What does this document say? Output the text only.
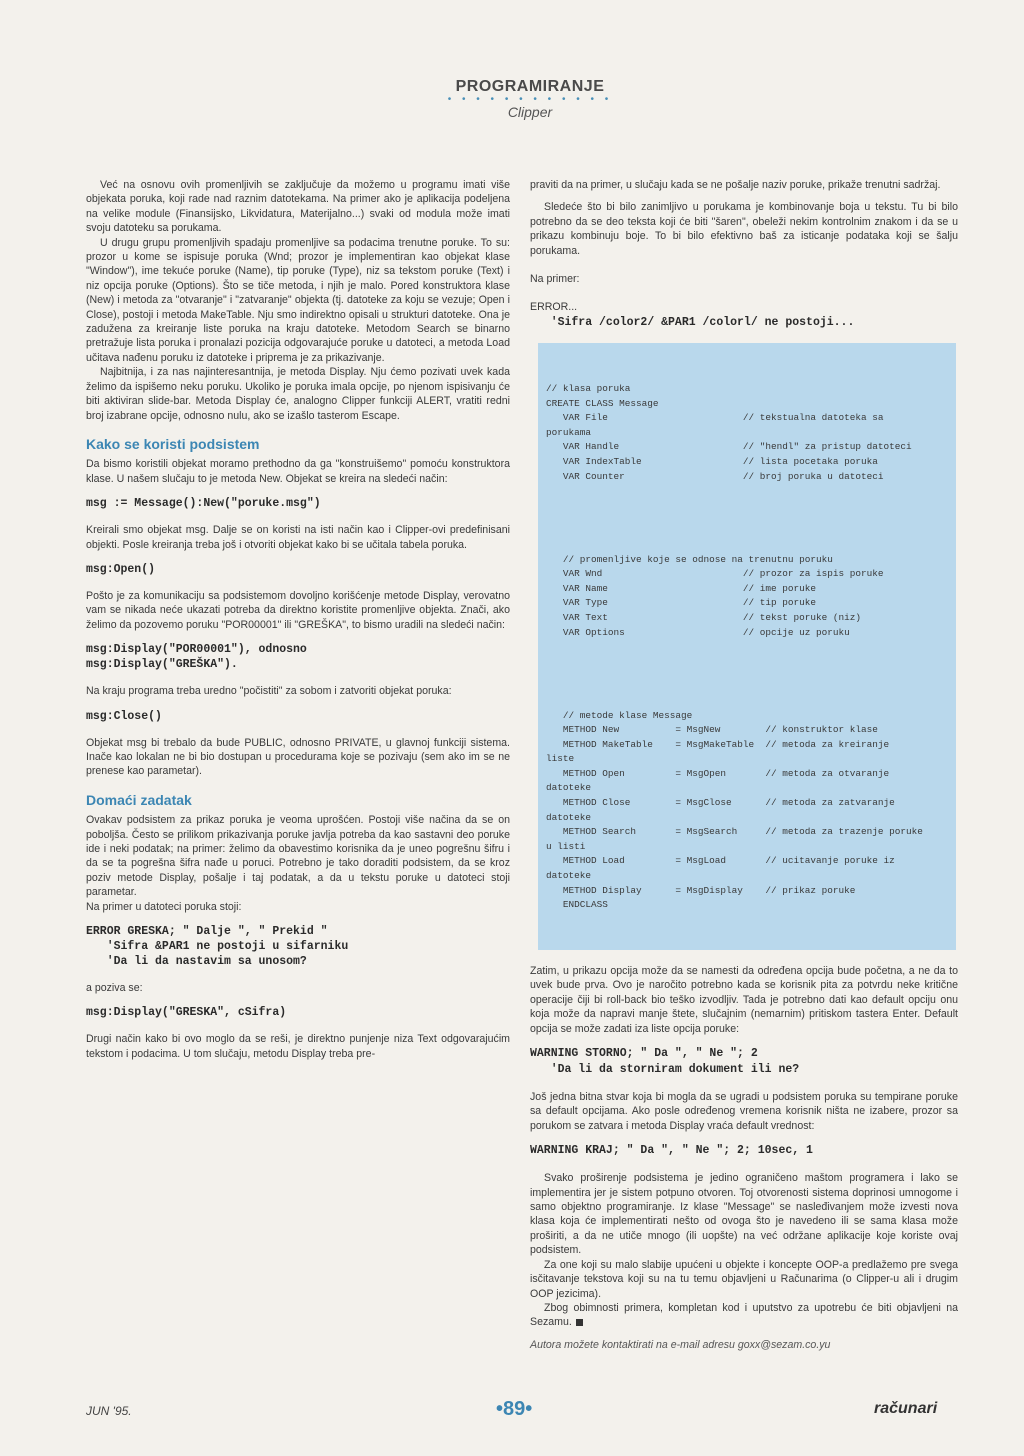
PROGRAMIRANJE
• • • • • • • • • • • •
Clipper

Već na osnovu ovih promenljivih se zaključuje da možemo u programu imati više objekata poruka, koji rade nad raznim datotekama. Na primer ako je aplikacija podeljena na velike module (Finansijsko, Likvidatura, Materijalno...) svaki od modula može imati svoju datoteku sa porukama.

U drugu grupu promenljivih spadaju promenljive sa podacima trenutne poruke. To su: prozor u kome se ispisuje poruka (Wnd; prozor je implementiran kao objekat klase "Window"), ime tekuće poruke (Name), tip poruke (Type), niz sa tekstom poruke (Text) i niz opcija poruke (Options). Što se tiče metoda, i njih je malo. Pored konstruktora klase (New) i metoda za "otvaranje" i "zatvaranje" objekta (tj. datoteke za koju se vezuje; Open i Close), postoji i metoda MakeTable. Nju smo indirektno opisali u strukturi datoteke. Ona je zadužena za kreiranje liste poruka na kraju datoteke. Metodom Search se binarno pretražuje lista poruka i pronalazi pozicija odgovarajuće poruke u datoteci, a metoda Load učitava nađenu poruku iz datoteke i priprema je za prikazivanje.

Najbitnija, i za nas najinteresantnija, je metoda Display. Nju ćemo pozivati uvek kada želimo da ispišemo neku poruku. Ukoliko je poruka imala opcije, po njenom ispisivanju će biti aktiviran slide-bar. Metoda Display će, analogno Clipper funkciji ALERT, vratiti redni broj izabrane opcije, odnosno nulu, ako se izašlo tasterom Escape.

Kako se koristi podsistem

Da bismo koristili objekat moramo prethodno da ga "konstruišemo" pomoću konstruktora klase. U našem slučaju to je metoda New. Objekat se kreira na sledeći način:

msg := Message():New("poruke.msg")

Kreirali smo objekat msg. Dalje se on koristi na isti način kao i Clipper-ovi predefinisani objekti. Posle kreiranja treba još i otvoriti objekat kako bi se učitala tabela poruka.

msg:Open()

Pošto je za komunikaciju sa podsistemom dovoljno korišćenje metode Display, verovatno vam se nikada neće ukazati potreba da direktno koristite promenljive objekta. Znači, ako želimo da pozovemo poruku "POR00001" ili "GREŠKA", to bismo uradili na sledeći način:

msg:Display("POR00001"), odnosno
msg:Display("GREŠKA").

Na kraju programa treba uredno "počistiti" za sobom i zatvoriti objekat poruka:

msg:Close()

Objekat msg bi trebalo da bude PUBLIC, odnosno PRIVATE, u glavnoj funkciji sistema. Inače kao lokalan ne bi bio dostupan u procedurama koje se pozivaju (sem ako im se ne prenese kao parametar).

Domaći zadatak

Ovakav podsistem za prikaz poruka je veoma uprošćen. Postoji više načina da se on poboljša. Često se prilikom prikazivanja poruke javlja potreba da kao sastavni deo poruke ide i neki podatak; na primer: želimo da obavestimo korisnika da je uneo pogrešnu šifru i da se ta pogrešna šifra nađe u poruci. Potrebno je tako doraditi podsistem, da se kroz poziv metode Display, pošalje i taj podatak, a da u tekstu poruke u datoteci stoji parametar.

Na primer u datoteci poruka stoji:

ERROR GRESKA; " Dalje ", " Prekid "
'Sifra &PAR1 ne postoji u sifarniku
'Da li da nastavim sa unosom?

a poziva se:

msg:Display("GRESKA", cSifra)

Drugi način kako bi ovo moglo da se reši, je direktno punjenje niza Text odgovarajućim tekstom i podacima. U tom slučaju, metodu Display treba pre-

praviti da na primer, u slučaju kada se ne pošalje naziv poruke, prikaže trenutni sadržaj.

Sledeće što bi bilo zanimljivo u porukama je kombinovanje boja u tekstu. Tu bi bilo potrebno da se deo teksta koji će biti "šaren", obeleži nekim kontrolnim znakom i da se u prikazu kombinuju boje. To bi bilo efektivno baš za isticanje podataka koji se šalju porukama.

Na primer:

ERROR...

'Sifra /color2/ &PAR1 /colorl/ ne postoji...

// klasa poruka
CREATE CLASS Message
VAR File                        // tekstualna datoteka sa
porukama
VAR Handle                      // "hendl" za pristup datoteci
VAR IndexTable                  // lista pocetaka poruka
VAR Counter                     // broj poruka u datoteci

// promenljive koje se odnose na trenutnu poruku
VAR Wnd                         // prozor za ispis poruke
VAR Name                        // ime poruke
VAR Type                        // tip poruke
VAR Text                        // tekst poruke (niz)
VAR Options                     // opcije uz poruku

// metode klase Message
METHOD New          = MsgNew        // konstruktor klase
METHOD MakeTable    = MsgMakeTable  // metoda za kreiranje
liste
METHOD Open         = MsgOpen       // metoda za otvaranje
datoteke
METHOD Close        = MsgClose      // metoda za zatvaranje
datoteke
METHOD Search       = MsgSearch     // metoda za trazenje poruke
u listi
METHOD Load         = MsgLoad       // ucitavanje poruke iz
datoteke
METHOD Display      = MsgDisplay    // prikaz poruke
ENDCLASS

Zatim, u prikazu opcija može da se namesti da određena opcija bude početna, a ne da to uvek bude prva. Ovo je naročito potrebno kada se korisnik pita za potvrdu neke kritične operacije čiji bi roll-back bio teško izvodljiv. Tada je potrebno dati kao default opciju onu koja može da napravi manje štete, slučajnim (nemarnim) pritiskom tastera Enter. Default opcija se može zadati iza liste opcija poruke:

WARNING STORNO; " Da ", " Ne "; 2
'Da li da storniram dokument ili ne?

Još jedna bitna stvar koja bi mogla da se ugradi u podsistem poruka su tempirane poruke sa default opcijama. Ako posle određenog vremena korisnik ništa ne izabere, prozor sa porukom se zatvara i metoda Display vraća default vrednost:

WARNING KRAJ; " Da ", " Ne "; 2; 10sec, 1

Svako proširenje podsistema je jedino ograničeno maštom programera i lako se implementira jer je sistem potpuno otvoren. Toj otvorenosti sistema doprinosi umnogome i samo objektno programiranje. Iz klase "Message" se nasleđivanjem može izvesti nova klasa koja će implementirati nešto od ovoga što je navedeno ili se sama klasa može proširiti, a da ne utiče mnogo (ili uopšte) na već održane aplikacije koje koriste ovaj podsistem.

Za one koji su malo slabije upućeni u objekte i koncepte OOP-a predlažemo pre svega isčitavanje tekstova koji su na tu temu objavljeni u Računarima (o Clipper-u ali i drugim OOP jezicima).

Zbog obimnosti primera, kompletan kod i uputstvo za upotrebu će biti objavljeni na Sezamu.

Autora možete kontaktirati na e-mail adresu goxx@sezam.co.yu

JUN '95.	•89•	računari
